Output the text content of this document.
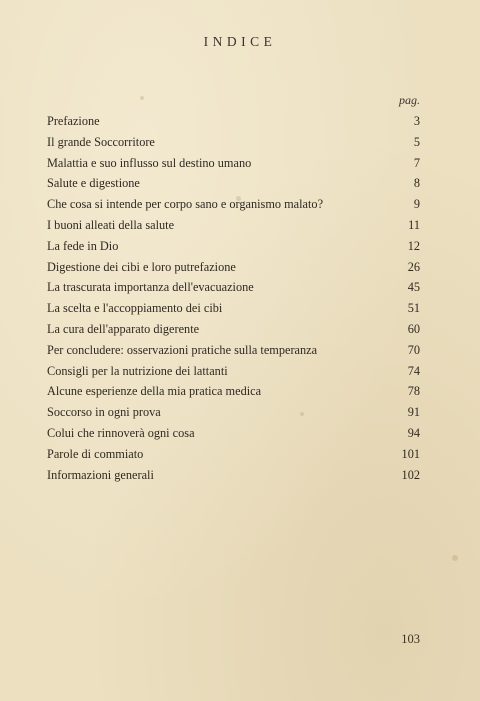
INDICE
pag.
Prefazione	3
Il grande Soccorritore	5
Malattia e suo influsso sul destino umano	7
Salute e digestione	8
Che cosa si intende per corpo sano e organismo malato?	9
I buoni alleati della salute	11
La fede in Dio	12
Digestione dei cibi e loro putrefazione	26
La trascurata importanza dell'evacuazione	45
La scelta e l'accoppiamento dei cibi	51
La cura dell'apparato digerente	60
Per concludere: osservazioni pratiche sulla temperanza	70
Consigli per la nutrizione dei lattanti	74
Alcune esperienze della mia pratica medica	78
Soccorso in ogni prova	91
Colui che rinnoverà ogni cosa	94
Parole di commiato	101
Informazioni generali	102
103
